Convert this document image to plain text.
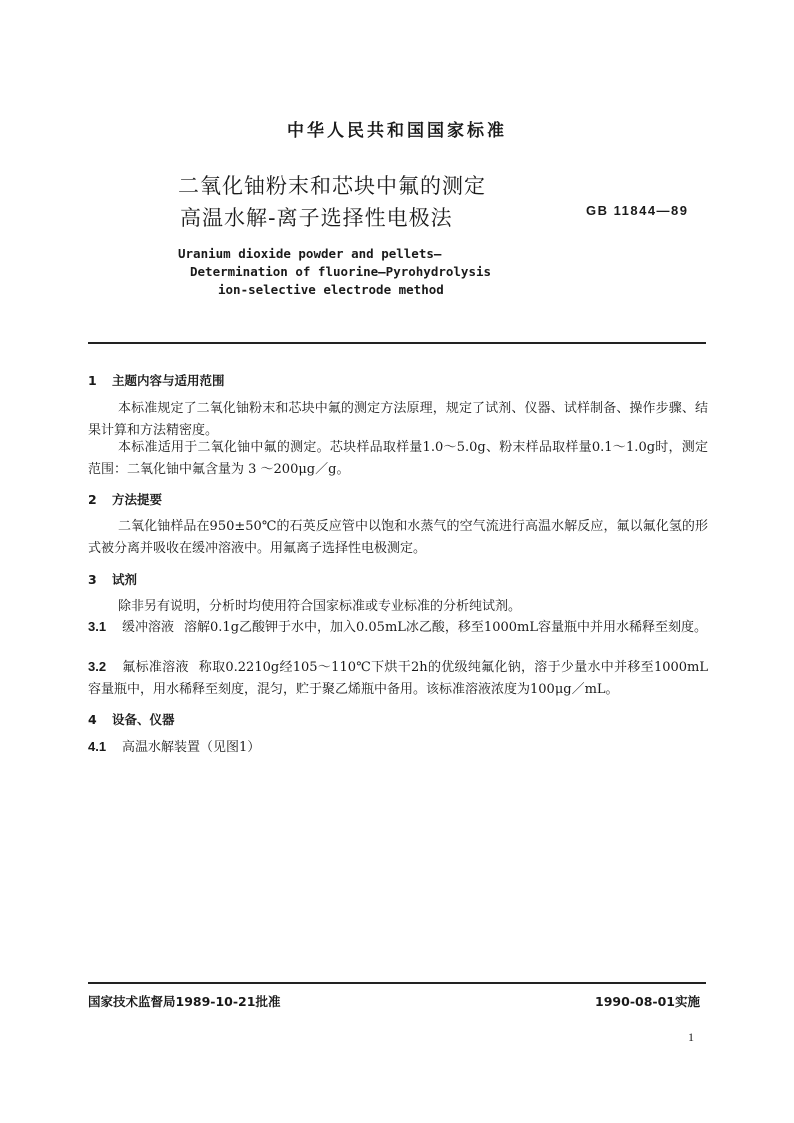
中华人民共和国国家标准
二氧化铀粉末和芯块中氟的测定
高温水解-离子选择性电极法	GB 11844—89
Uranium dioxide powder and pellets—
Determination of fluorine—Pyrohydrolysis
ion-selective electrode method
1 主题内容与适用范围
本标准规定了二氧化铀粉末和芯块中氟的测定方法原理，规定了试剂、仪器、试样制备、操作步骤、结果计算和方法精密度。
本标准适用于二氧化铀中氟的测定。芯块样品取样量1.0～5.0g、粉末样品取样量0.1～1.0g时，测定范围：二氧化铀中氟含量为 3 ～200μg／g。
2 方法提要
二氧化铀样品在950±50℃的石英反应管中以饱和水蒸气的空气流进行高温水解反应，氟以氟化氢的形式被分离并吸收在缓冲溶液中。用氟离子选择性电极测定。
3 试剂
除非另有说明，分析时均使用符合国家标准或专业标准的分析纯试剂。
3.1 缓冲溶液 溶解0.1g乙酸钾于水中，加入0.05mL冰乙酸，移至1000mL容量瓶中并用水稀释至刻度。
3.2 氟标准溶液 称取0.2210g经105～110℃下烘干2h的优级纯氟化钠，溶于少量水中并移至1000mL容量瓶中，用水稀释至刻度，混匀，贮于聚乙烯瓶中备用。该标准溶液浓度为100μg／mL。
4 设备、仪器
4.1 高温水解装置（见图1）
国家技术监督局1989-10-21批准	1990-08-01实施
1
